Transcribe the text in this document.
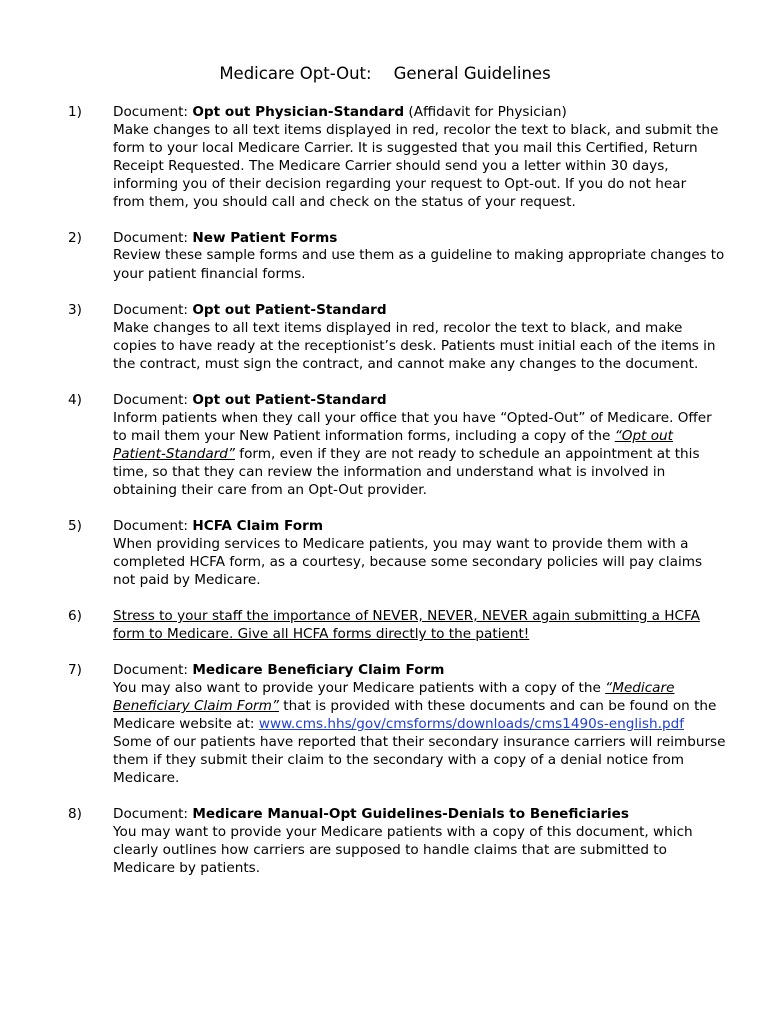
Medicare Opt-Out: General Guidelines
1) Document: Opt out Physician-Standard (Affidavit for Physician)
Make changes to all text items displayed in red, recolor the text to black, and submit the
form to your local Medicare Carrier. It is suggested that you mail this Certified, Return
Receipt Requested. The Medicare Carrier should send you a letter within 30 days,
informing you of their decision regarding your request to Opt-out. If you do not hear
from them, you should call and check on the status of your request.
2) Document: New Patient Forms
Review these sample forms and use them as a guideline to making appropriate changes to
your patient financial forms.
3) Document: Opt out Patient-Standard
Make changes to all text items displayed in red, recolor the text to black, and make
copies to have ready at the receptionist’s desk. Patients must initial each of the items in
the contract, must sign the contract, and cannot make any changes to the document.
4) Document: Opt out Patient-Standard
Inform patients when they call your office that you have “Opted-Out” of Medicare. Offer
to mail them your New Patient information forms, including a copy of the “Opt out
Patient-Standard” form, even if they are not ready to schedule an appointment at this
time, so that they can review the information and understand what is involved in
obtaining their care from an Opt-Out provider.
5) Document: HCFA Claim Form
When providing services to Medicare patients, you may want to provide them with a
completed HCFA form, as a courtesy, because some secondary policies will pay claims
not paid by Medicare.
6) Stress to your staff the importance of NEVER, NEVER, NEVER again submitting a HCFA
form to Medicare. Give all HCFA forms directly to the patient!
7) Document: Medicare Beneficiary Claim Form
You may also want to provide your Medicare patients with a copy of the “Medicare
Beneficiary Claim Form” that is provided with these documents and can be found on the
Medicare website at: www.cms.hhs/gov/cmsforms/downloads/cms1490s-english.pdf
Some of our patients have reported that their secondary insurance carriers will reimburse
them if they submit their claim to the secondary with a copy of a denial notice from
Medicare.
8) Document: Medicare Manual-Opt Guidelines-Denials to Beneficiaries
You may want to provide your Medicare patients with a copy of this document, which
clearly outlines how carriers are supposed to handle claims that are submitted to
Medicare by patients.
